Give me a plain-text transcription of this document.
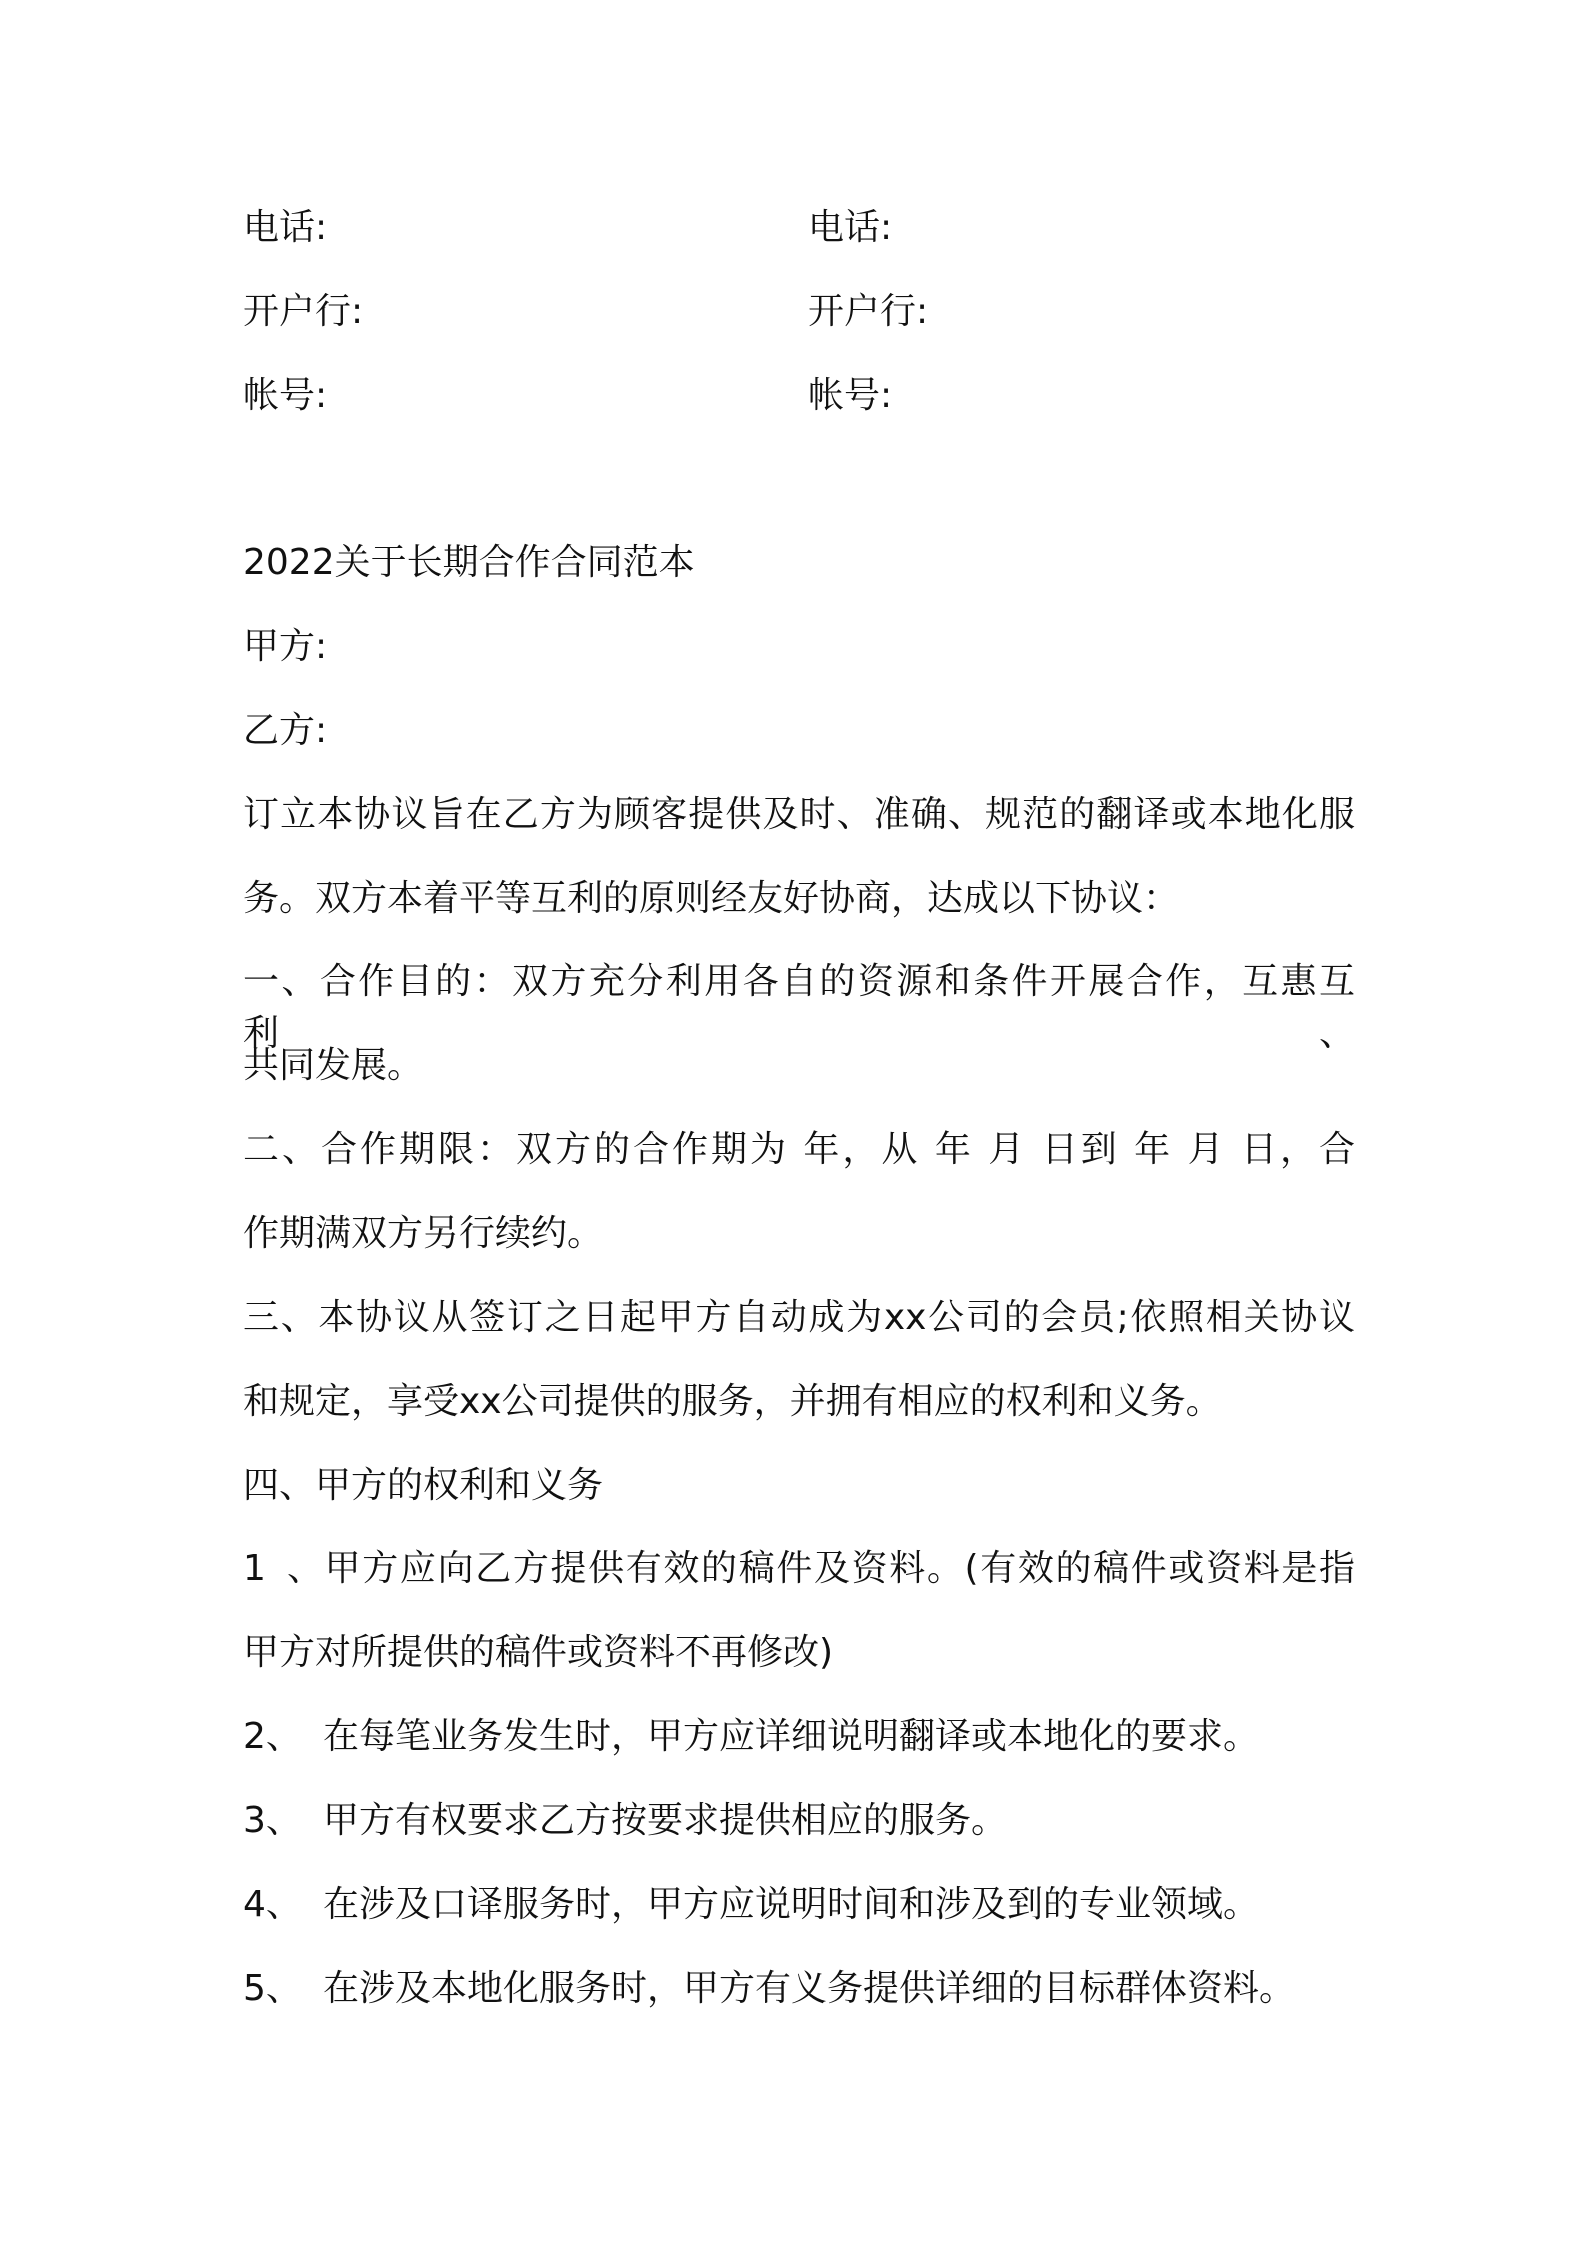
电话:
开户行:
帐号:
电话:
开户行:
帐号:
2022关于长期合作合同范本
甲方:
乙方:
订立本协议旨在乙方为顾客提供及时、准确、规范的翻译或本地化服
务。双方本着平等互利的原则经友好协商，达成以下协议：
一、合作目的：双方充分利用各自的资源和条件开展合作，互惠互利、
共同发展。
二、合作期限：双方的合作期为 年，从 年 月 日到 年 月 日，合
作期满双方另行续约。
三、本协议从签订之日起甲方自动成为xx公司的会员;依照相关协议
和规定，享受xx公司提供的服务，并拥有相应的权利和义务。
四、甲方的权利和义务
1、甲方应向乙方提供有效的稿件及资料。(有效的稿件或资料是指
甲方对所提供的稿件或资料不再修改)
2、 在每笔业务发生时，甲方应详细说明翻译或本地化的要求。
3、 甲方有权要求乙方按要求提供相应的服务。
4、 在涉及口译服务时，甲方应说明时间和涉及到的专业领域。
5、 在涉及本地化服务时，甲方有义务提供详细的目标群体资料。
